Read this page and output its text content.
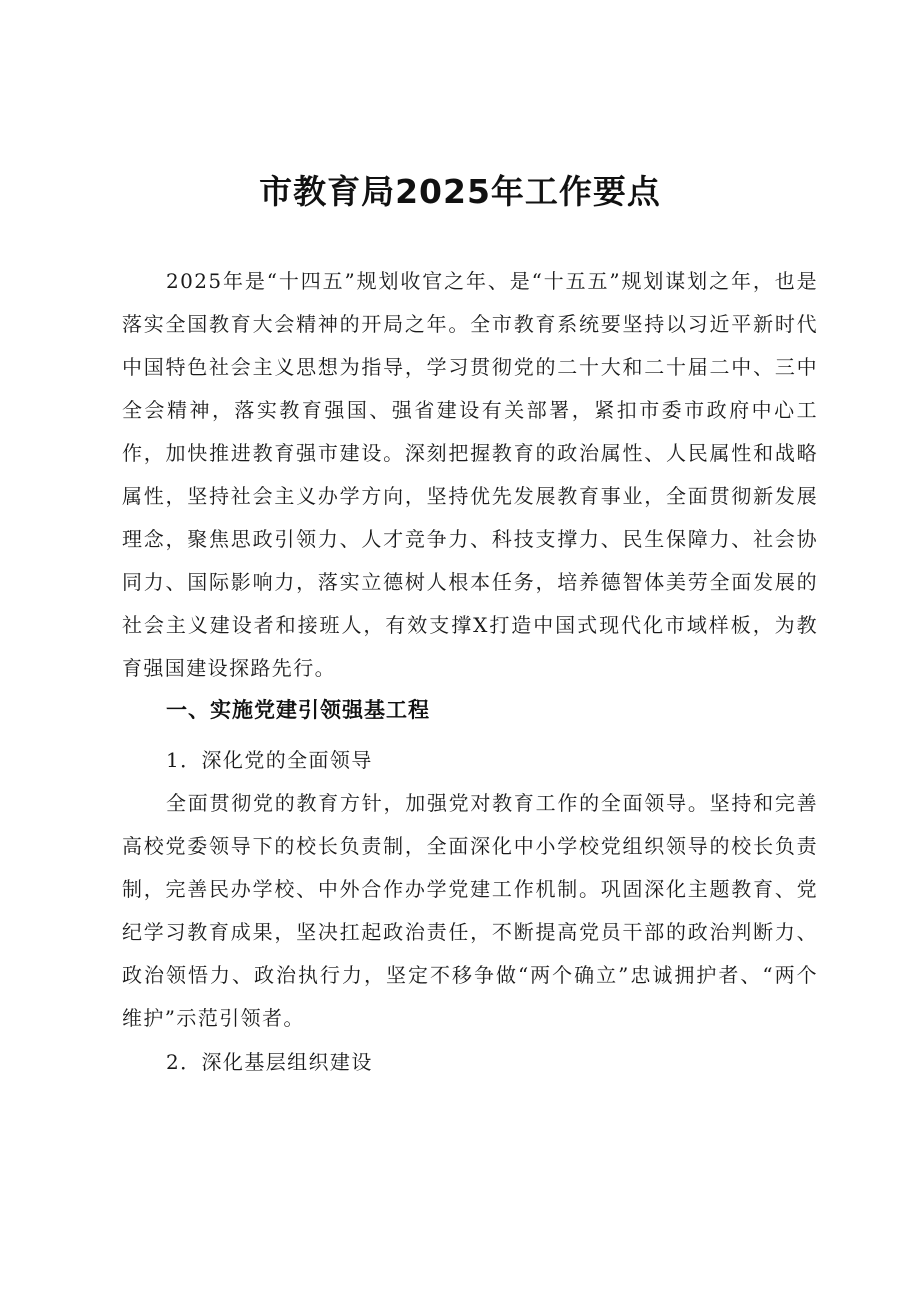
市教育局2025年工作要点

2025年是“十四五”规划收官之年、是“十五五”规划谋划之年，也是落实全国教育大会精神的开局之年。全市教育系统要坚持以习近平新时代中国特色社会主义思想为指导，学习贯彻党的二十大和二十届二中、三中全会精神，落实教育强国、强省建设有关部署，紧扣市委市政府中心工作，加快推进教育强市建设。深刻把握教育的政治属性、人民属性和战略属性，坚持社会主义办学方向，坚持优先发展教育事业，全面贯彻新发展理念，聚焦思政引领力、人才竞争力、科技支撑力、民生保障力、社会协同力、国际影响力，落实立德树人根本任务，培养德智体美劳全面发展的社会主义建设者和接班人，有效支撑X打造中国式现代化市域样板，为教育强国建设探路先行。

一、实施党建引领强基工程

1．深化党的全面领导

全面贯彻党的教育方针，加强党对教育工作的全面领导。坚持和完善高校党委领导下的校长负责制，全面深化中小学校党组织领导的校长负责制，完善民办学校、中外合作办学党建工作机制。巩固深化主题教育、党纪学习教育成果，坚决扛起政治责任，不断提高党员干部的政治判断力、政治领悟力、政治执行力，坚定不移争做“两个确立”忠诚拥护者、“两个维护”示范引领者。

2．深化基层组织建设
